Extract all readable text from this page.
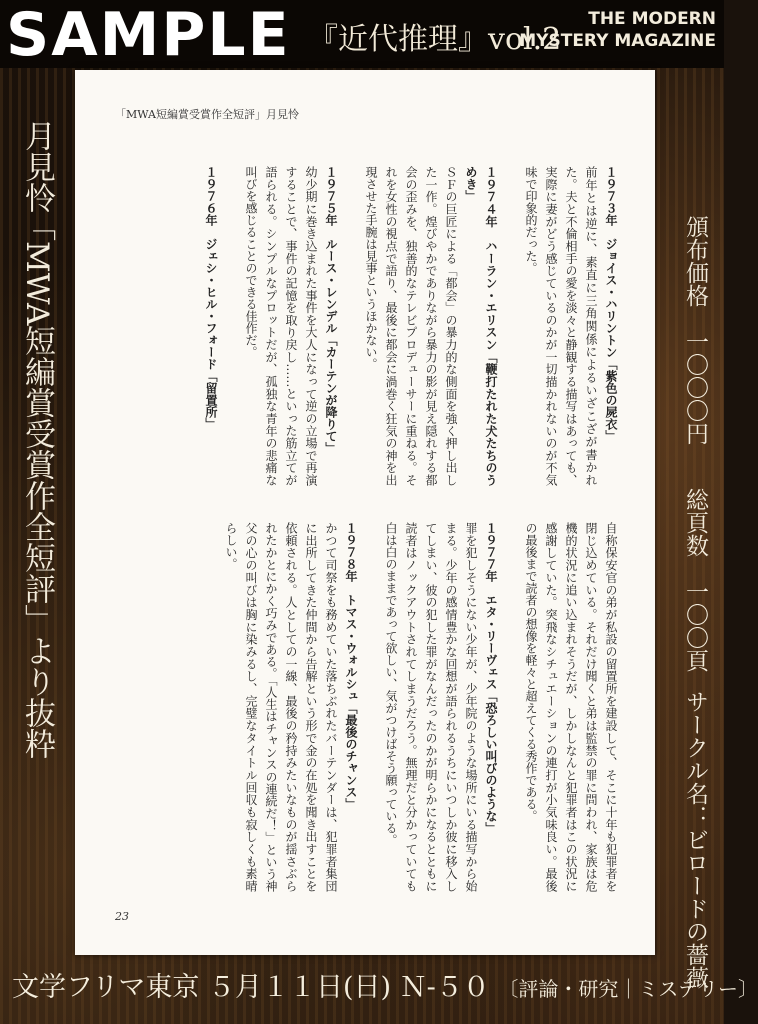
SAMPLE 『近代推理』vol.2
THE MODERN
MYSTERY MAGAZINE
月見怜
「MWA短編賞受賞作全短評」より抜粋
「MWA短編賞受賞作全短評」月見怜

１９７３年　ジョイス・ハリントン「紫色の屍衣」

前年とは逆に、素直に三角関係によるいざこざが書かれた。夫と不倫相手の愛を淡々と静観する描写はあっても、実際に妻がどう感じているのかが一切描かれないのが不気味で印象的だった。

１９７４年　ハーラン・エリスン「鞭打たれた犬たちのうめき」

ＳＦの巨匠による「都会」の暴力的な側面を強く押し出した一作。煌びやかでありながら暴力の影が見え隠れする都会の歪みを、独善的なテレビプロデューサーに重ねる。それを女性の視点で語り、最後に都会に渦巻く狂気の神を出現させた手腕は見事というほかない。

１９７５年　ルース・レンデル「カーテンが降りて」

幼少期に巻き込まれた事件を大人になって逆の立場で再演することで、事件の記憶を取り戻し……といった筋立てが語られる。シンプルなプロットだが、孤独な青年の悲痛な叫びを感じることのできる佳作だ。

１９７６年　ジェシ・ヒル・フォード「留置所」

自称保安官の弟が私設の留置所を建設して、そこに十年も犯罪者を閉じ込めている。それだけ聞くと弟は監禁の罪に問われ、家族は危機的状況に追い込まれそうだが、しかしなんと犯罪者はこの状況に感謝していた。突飛なシチュエーションの連打が小気味良い。最後の最後まで読者の想像を軽々と超えてくる秀作である。

１９７７年　エタ・リーヴェス「恐ろしい叫びのような」

罪を犯しそうにない少年が、少年院のような場所にいる描写から始まる。少年の感情豊かな回想が語られるうちにいつしか彼に移入してしまい、彼の犯した罪がなんだったのかが明らかになるとともに読者はノックアウトされてしまうだろう。無理だと分かっていても白は白のままであって欲しい、気がつけばそう願っている。

１９７８年　トマス・ウォルシュ「最後のチャンス」

かつて司祭をも務めていた落ちぶれたバーテンダーは、犯罪者集団に出所してきた仲間から告解という形で金の在処を聞き出すことを依頼される。人としての一線、最後の矜持みたいなものが揺さぶられたかとにかく巧みである。「人生はチャンスの連続だ！」という神父の心の叫びは胸に染みるし、完璧なタイトル回収も寂しくも素晴らしい。

23
頒布価格　一〇〇〇円
総頁数　一〇〇頁
サークル名：ビロードの薔薇
文学フリマ東京 ５月１１日(日) Ｎ-５０ 〔評論・研究｜ミステリー〕
